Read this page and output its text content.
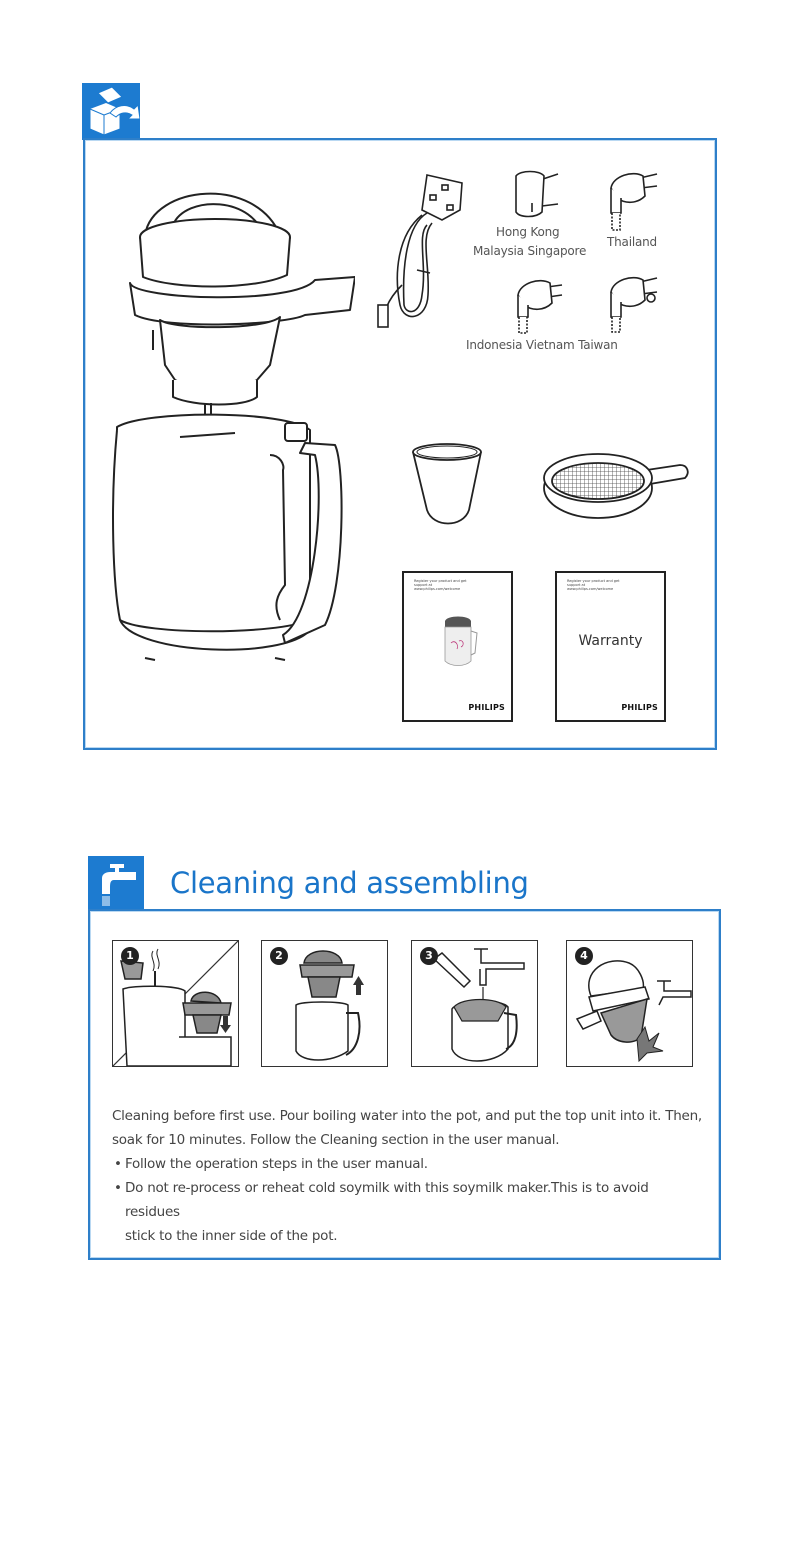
Hong Kong
Malaysia Singapore
Thailand
Indonesia Vietnam Taiwan
Register your product and get support at www.philips.com/welcome
PHILIPS
Register your product and get support at www.philips.com/welcome
Warranty
PHILIPS
Cleaning and assembling
1	2	3	4

Cleaning before first use. Pour boiling water into the pot, and put the top unit into it. Then,

soak for 10 minutes. Follow the Cleaning section in the user manual.

• Follow the operation steps in the user manual.

• Do not re-process or reheat cold soymilk with this soymilk maker.This is to avoid residues

stick to the inner side of the pot.
